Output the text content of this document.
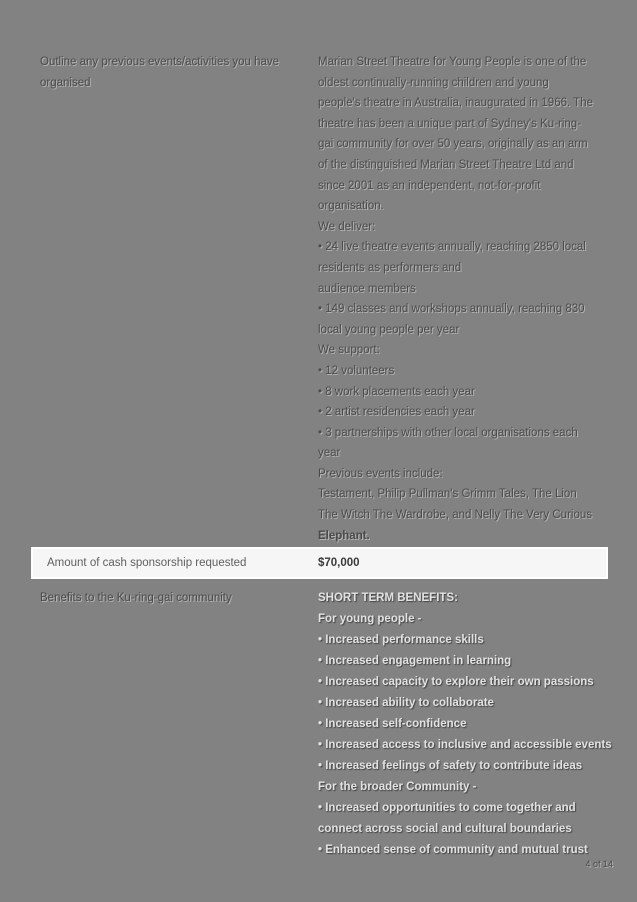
Outline any previous events/activities you have
organised
Marian Street Theatre for Young People is one of the
oldest continually-running children and young
people's theatre in Australia, inaugurated in 1966. The
theatre has been a unique part of Sydney's Ku-ring-
gai community for over 50 years, originally as an arm
of the distinguished Marian Street Theatre Ltd and
since 2001 as an independent, not-for-profit
organisation.
We deliver:
• 24 live theatre events annually, reaching 2850 local
residents as performers and
audience members
• 149 classes and workshops annually, reaching 830
local young people per year
We support:
• 12 volunteers
• 8 work placements each year
• 2 artist residencies each year
• 3 partnerships with other local organisations each
year
Previous events include:
Testament, Philip Pullman's Grimm Tales, The Lion
The Witch The Wardrobe, and Nelly The Very Curious
Elephant.
Amount of cash sponsorship requested	$70,000
Benefits to the Ku-ring-gai community	SHORT TERM BENEFITS:
For young people -
• Increased performance skills
• Increased engagement in learning
• Increased capacity to explore their own passions
• Increased ability to collaborate
• Increased self-confidence
• Increased access to inclusive and accessible events
• Increased feelings of safety to contribute ideas
For the broader Community -
• Increased opportunities to come together and
connect across social and cultural boundaries
• Enhanced sense of community and mutual trust
4 of 14
